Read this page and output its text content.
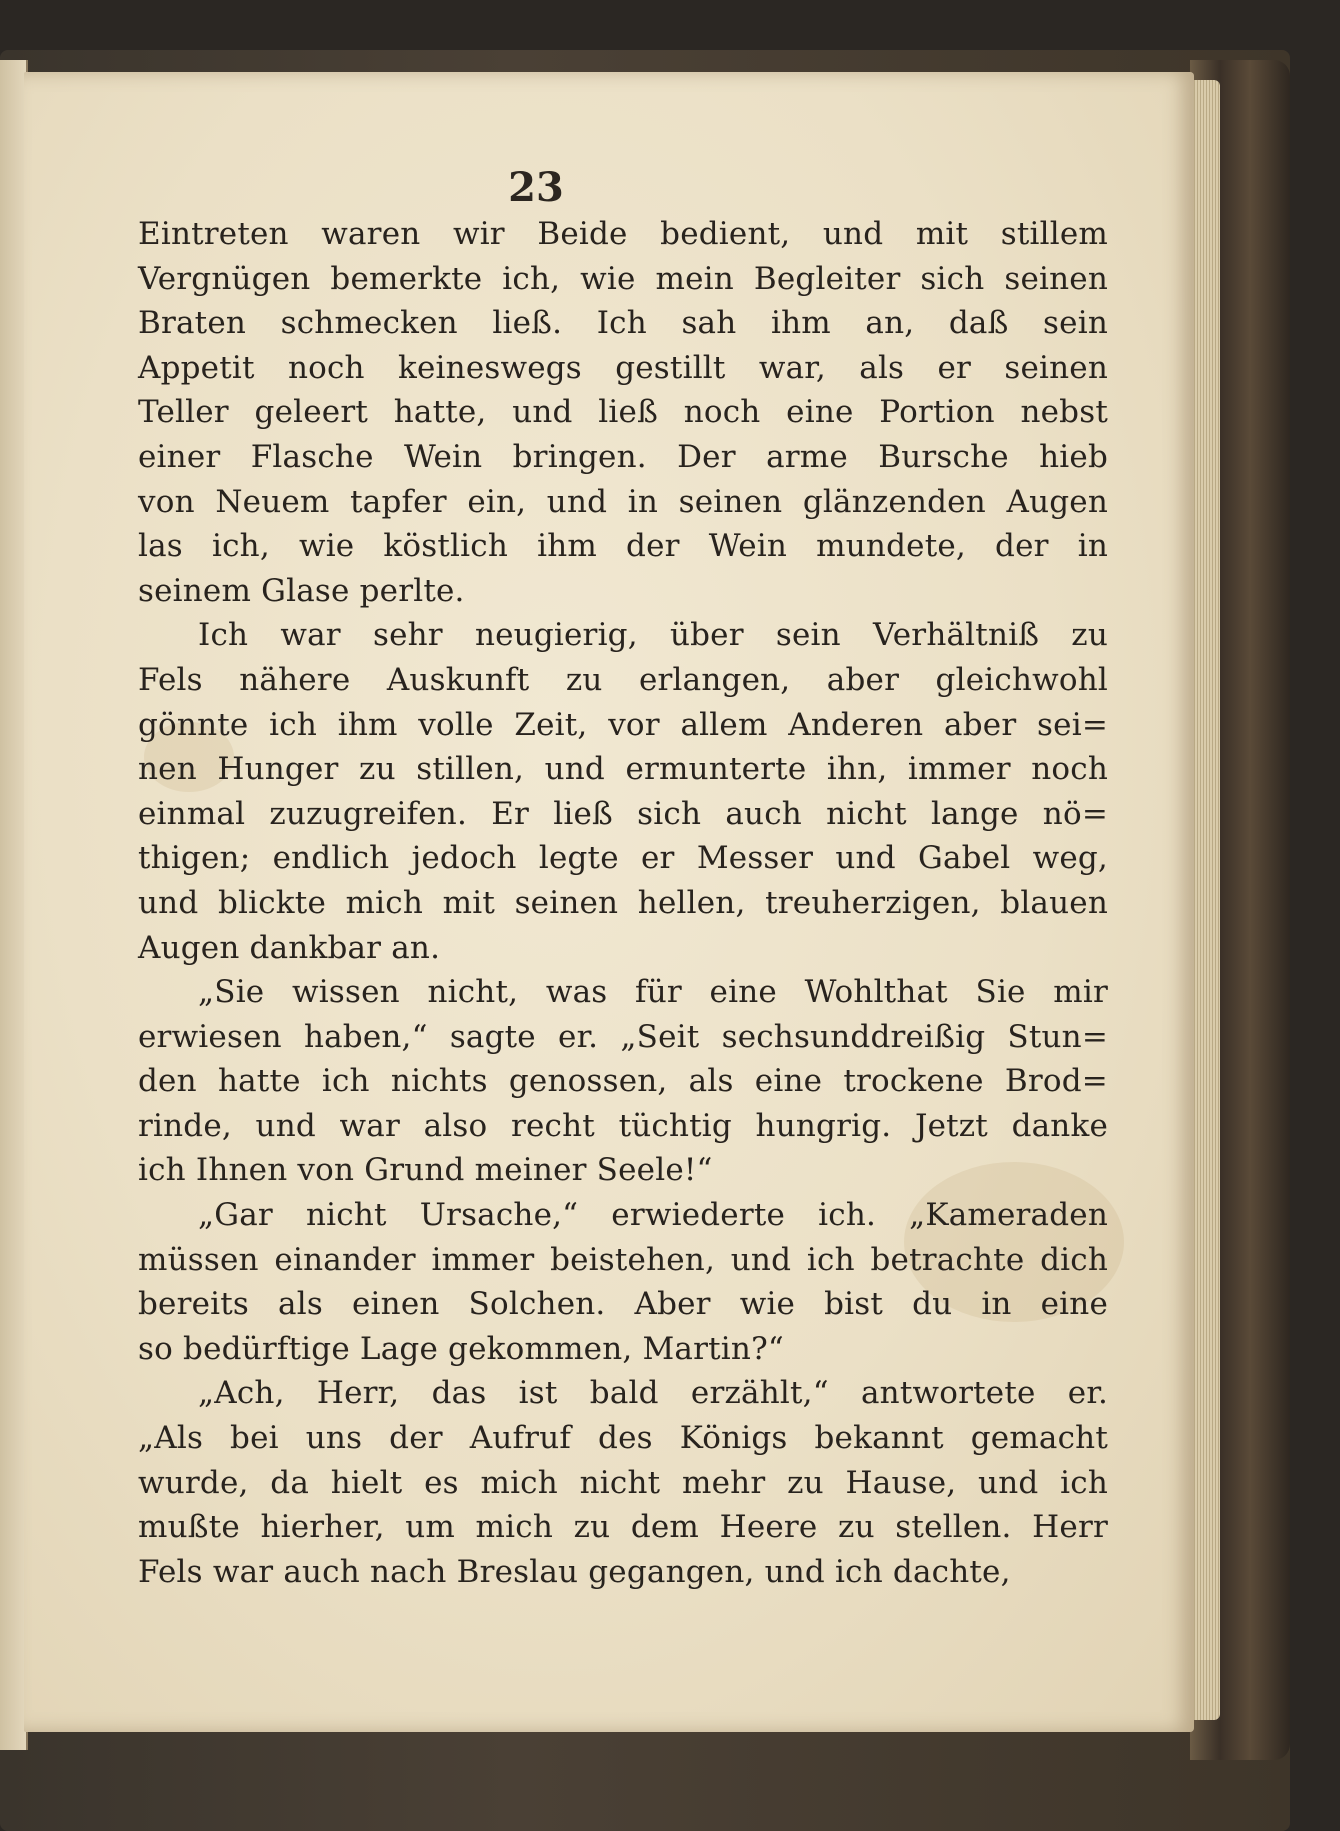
23
Eintreten waren wir Beide bedient, und mit stillem
Vergnügen bemerkte ich, wie mein Begleiter sich seinen
Braten schmecken ließ. Ich sah ihm an, daß sein
Appetit noch keineswegs gestillt war, als er seinen
Teller geleert hatte, und ließ noch eine Portion nebst
einer Flasche Wein bringen. Der arme Bursche hieb
von Neuem tapfer ein, und in seinen glänzenden Augen
las ich, wie köstlich ihm der Wein mundete, der in
seinem Glase perlte.
Ich war sehr neugierig, über sein Verhältniß zu
Fels nähere Auskunft zu erlangen, aber gleichwohl
gönnte ich ihm volle Zeit, vor allem Anderen aber sei=
nen Hunger zu stillen, und ermunterte ihn, immer noch
einmal zuzugreifen. Er ließ sich auch nicht lange nö=
thigen; endlich jedoch legte er Messer und Gabel weg,
und blickte mich mit seinen hellen, treuherzigen, blauen
Augen dankbar an.
„Sie wissen nicht, was für eine Wohlthat Sie mir
erwiesen haben,“ sagte er. „Seit sechsunddreißig Stun=
den hatte ich nichts genossen, als eine trockene Brod=
rinde, und war also recht tüchtig hungrig. Jetzt danke
ich Ihnen von Grund meiner Seele!“
„Gar nicht Ursache,“ erwiederte ich. „Kameraden
müssen einander immer beistehen, und ich betrachte dich
bereits als einen Solchen. Aber wie bist du in eine
so bedürftige Lage gekommen, Martin?“
„Ach, Herr, das ist bald erzählt,“ antwortete er.
„Als bei uns der Aufruf des Königs bekannt gemacht
wurde, da hielt es mich nicht mehr zu Hause, und ich
mußte hierher, um mich zu dem Heere zu stellen. Herr
Fels war auch nach Breslau gegangen, und ich dachte,
